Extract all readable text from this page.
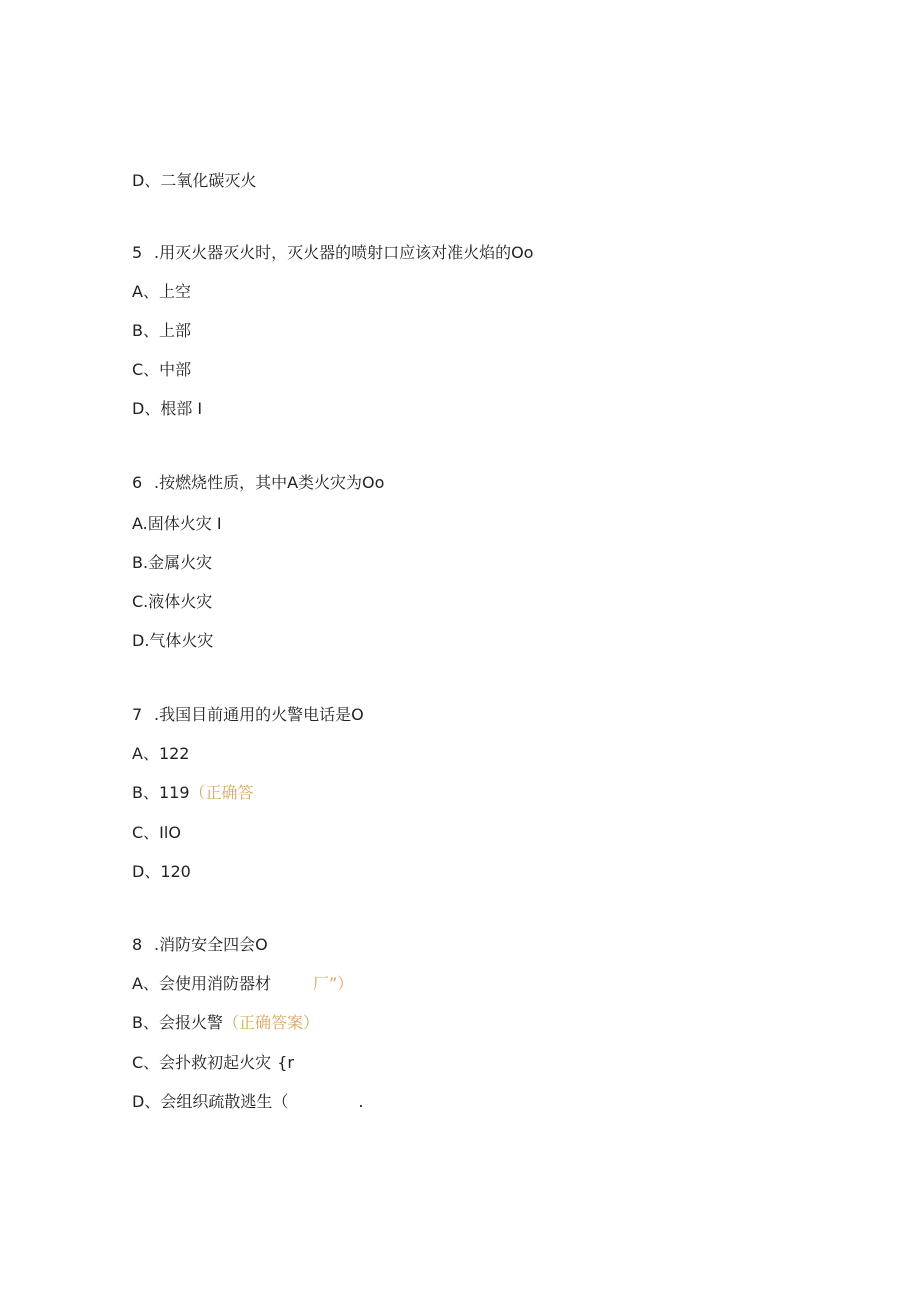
D、二氧化碳灭火
5 .用灭火器灭火时，灭火器的喷射口应该对准火焰的Oo
A、上空
B、上部
C、中部
D、根部 I
6 .按燃烧性质，其中A类火灾为Oo
A.固体火灾 I
B.金属火灾
C.液体火灾
D.气体火灾
7 .我国目前通用的火警电话是O
A、122
B、119（正确答
C、IlO
D、120
8 .消防安全四会O
A、会使用消防器材	厂”）
B、会报火警（正确答案）
C、会扑救初起火灾 {r
D、会组织疏散逃生（	.
